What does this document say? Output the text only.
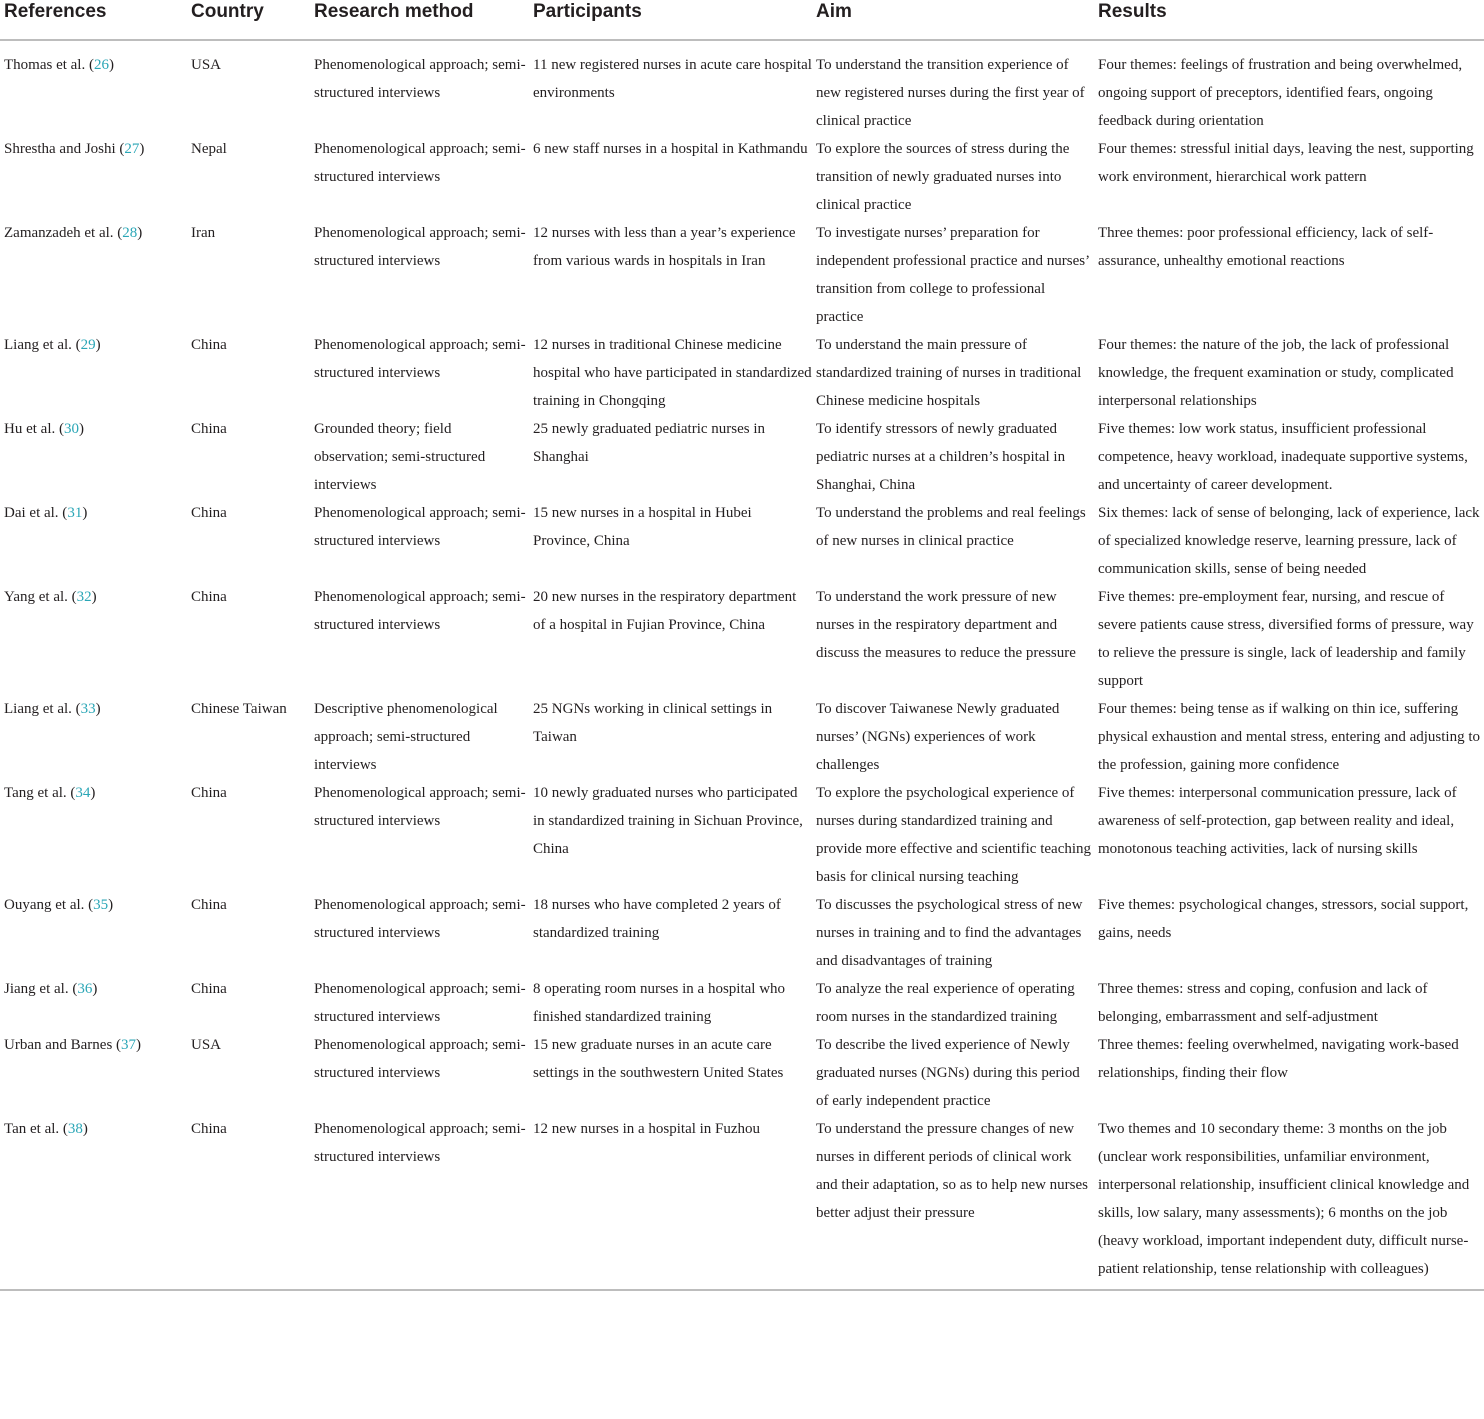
References	Country	Research method	Participants	Aim	Results
Thomas et al. (26)	USA	Phenomenological approach; semi-structured interviews	11 new registered nurses in acute care hospital environments	To understand the transition experience of new registered nurses during the first year of clinical practice	Four themes: feelings of frustration and being overwhelmed, ongoing support of preceptors, identified fears, ongoing feedback during orientation
Shrestha and Joshi (27)	Nepal	Phenomenological approach; semi-structured interviews	6 new staff nurses in a hospital in Kathmandu	To explore the sources of stress during the transition of newly graduated nurses into clinical practice	Four themes: stressful initial days, leaving the nest, supporting work environment, hierarchical work pattern
Zamanzadeh et al. (28)	Iran	Phenomenological approach; semi-structured interviews	12 nurses with less than a year’s experience from various wards in hospitals in Iran	To investigate nurses’ preparation for independent professional practice and nurses’ transition from college to professional practice	Three themes: poor professional efficiency, lack of self-assurance, unhealthy emotional reactions
Liang et al. (29)	China	Phenomenological approach; semi-structured interviews	12 nurses in traditional Chinese medicine hospital who have participated in standardized training in Chongqing	To understand the main pressure of standardized training of nurses in traditional Chinese medicine hospitals	Four themes: the nature of the job, the lack of professional knowledge, the frequent examination or study, complicated interpersonal relationships
Hu et al. (30)	China	Grounded theory; field observation; semi-structured interviews	25 newly graduated pediatric nurses in Shanghai	To identify stressors of newly graduated pediatric nurses at a children’s hospital in Shanghai, China	Five themes: low work status, insufficient professional competence, heavy workload, inadequate supportive systems, and uncertainty of career development.
Dai et al. (31)	China	Phenomenological approach; semi-structured interviews	15 new nurses in a hospital in Hubei Province, China	To understand the problems and real feelings of new nurses in clinical practice	Six themes: lack of sense of belonging, lack of experience, lack of specialized knowledge reserve, learning pressure, lack of communication skills, sense of being needed
Yang et al. (32)	China	Phenomenological approach; semi-structured interviews	20 new nurses in the respiratory department of a hospital in Fujian Province, China	To understand the work pressure of new nurses in the respiratory department and discuss the measures to reduce the pressure	Five themes: pre-employment fear, nursing, and rescue of severe patients cause stress, diversified forms of pressure, way to relieve the pressure is single, lack of leadership and family support
Liang et al. (33)	Chinese Taiwan	Descriptive phenomenological approach; semi-structured interviews	25 NGNs working in clinical settings in Taiwan	To discover Taiwanese Newly graduated nurses’ (NGNs) experiences of work challenges	Four themes: being tense as if walking on thin ice, suffering physical exhaustion and mental stress, entering and adjusting to the profession, gaining more confidence
Tang et al. (34)	China	Phenomenological approach; semi-structured interviews	10 newly graduated nurses who participated in standardized training in Sichuan Province, China	To explore the psychological experience of nurses during standardized training and provide more effective and scientific teaching basis for clinical nursing teaching	Five themes: interpersonal communication pressure, lack of awareness of self-protection, gap between reality and ideal, monotonous teaching activities, lack of nursing skills
Ouyang et al. (35)	China	Phenomenological approach; semi-structured interviews	18 nurses who have completed 2 years of standardized training	To discusses the psychological stress of new nurses in training and to find the advantages and disadvantages of training	Five themes: psychological changes, stressors, social support, gains, needs
Jiang et al. (36)	China	Phenomenological approach; semi-structured interviews	8 operating room nurses in a hospital who finished standardized training	To analyze the real experience of operating room nurses in the standardized training	Three themes: stress and coping, confusion and lack of belonging, embarrassment and self-adjustment
Urban and Barnes (37)	USA	Phenomenological approach; semi-structured interviews	15 new graduate nurses in an acute care settings in the southwestern United States	To describe the lived experience of Newly graduated nurses (NGNs) during this period of early independent practice	Three themes: feeling overwhelmed, navigating work-based relationships, finding their flow
Tan et al. (38)	China	Phenomenological approach; semi-structured interviews	12 new nurses in a hospital in Fuzhou	To understand the pressure changes of new nurses in different periods of clinical work and their adaptation, so as to help new nurses better adjust their pressure	Two themes and 10 secondary theme: 3 months on the job (unclear work responsibilities, unfamiliar environment, interpersonal relationship, insufficient clinical knowledge and skills, low salary, many assessments); 6 months on the job (heavy workload, important independent duty, difficult nurse-patient relationship, tense relationship with colleagues)
